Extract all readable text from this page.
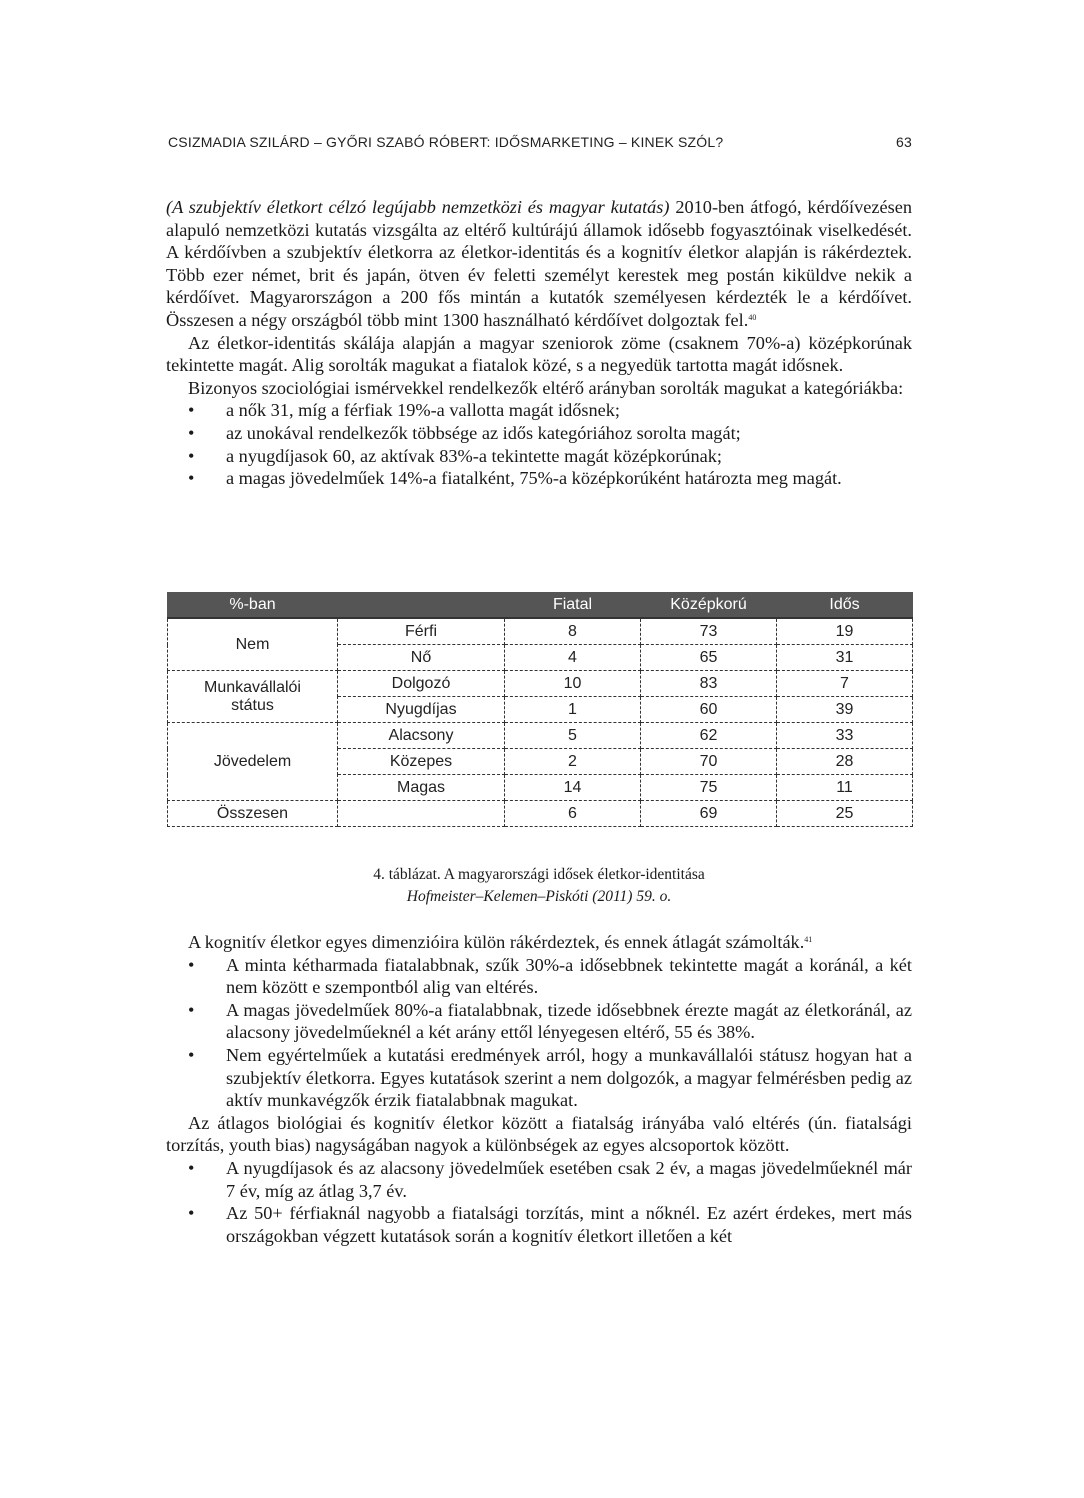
CSIZMADIA SZILÁRD – GYŐRI SZABÓ RÓBERT: IDŐSMARKETING – KINEK SZÓL?	63

(A szubjektív életkort célzó legújabb nemzetközi és magyar kutatás) 2010-ben átfogó, kérdőívezésen alapuló nemzetközi kutatás vizsgálta az eltérő kultúrájú államok idősebb fogyasztóinak viselkedését. A kérdőívben a szubjektív életkorra az életkor-identitás és a kognitív életkor alapján is rákérdeztek. Több ezer német, brit és japán, ötven év feletti személyt kerestek meg postán kiküldve nekik a kérdőívet. Magyarországon a 200 fős mintán a kutatók személyesen kérdezték le a kérdőívet. Összesen a négy országból több mint 1300 használható kérdőívet dolgoztak fel.$^{40}$

Az életkor-identitás skálája alapján a magyar szeniorok zöme (csaknem 70%-a) középkorúnak tekintette magát. Alig sorolták magukat a fiatalok közé, s a negyedük tartotta magát idősnek.

Bizonyos szociológiai ismérvekkel rendelkezők eltérő arányban sorolták magukat a kategóriákba:

• a nők 31, míg a férfiak 19%-a vallotta magát idősnek;
• az unokával rendelkezők többsége az idős kategóriához sorolta magát;
• a nyugdíjasok 60, az aktívak 83%-a tekintette magát középkorúnak;
• a magas jövedelműek 14%-a fiatalként, 75%-a középkorúként határozta meg magát.
%-ban		Fiatal	Középkorú	Idős
Nem	Férfi	8	73	19
	Nő	4	65	31

Munkavállalói
státus	Dolgozó	10	83	7
	Nyugdíjas	1	60	39
Jövedelem	Alacsony	5	62	33
	Közepes	2	70	28
	Magas	14	75	11
Összesen		6	69	25
4. táblázat. A magyarországi idősek életkor-identitása
Hofmeister–Kelemen–Piskóti (2011) 59. o.

A kognitív életkor egyes dimenzióira külön rákérdeztek, és ennek átlagát számolták.$^{41}$

• A minta kétharmada fiatalabbnak, szűk 30%-a idősebbnek tekintette magát a koránál, a két nem között e szempontból alig van eltérés.
• A magas jövedelműek 80%-a fiatalabbnak, tizede idősebbnek érezte magát az életkoránál, az alacsony jövedelműeknél a két arány ettől lényegesen eltérő, 55 és 38%.
• Nem egyértelműek a kutatási eredmények arról, hogy a munkavállalói státusz hogyan hat a szubjektív életkorra. Egyes kutatások szerint a nem dolgozók, a magyar felmérésben pedig az aktív munkavégzők érzik fiatalabbnak magukat.

Az átlagos biológiai és kognitív életkor között a fiatalság irányába való eltérés (ún. fiatalsági torzítás, youth bias) nagyságában nagyok a különbségek az egyes alcsoportok között.

• A nyugdíjasok és az alacsony jövedelműek esetében csak 2 év, a magas jövedelműeknél már 7 év, míg az átlag 3,7 év.
• Az 50+ férfiaknál nagyobb a fiatalsági torzítás, mint a nőknél. Ez azért érdekes, mert más országokban végzett kutatások során a kognitív életkort illetően a két
